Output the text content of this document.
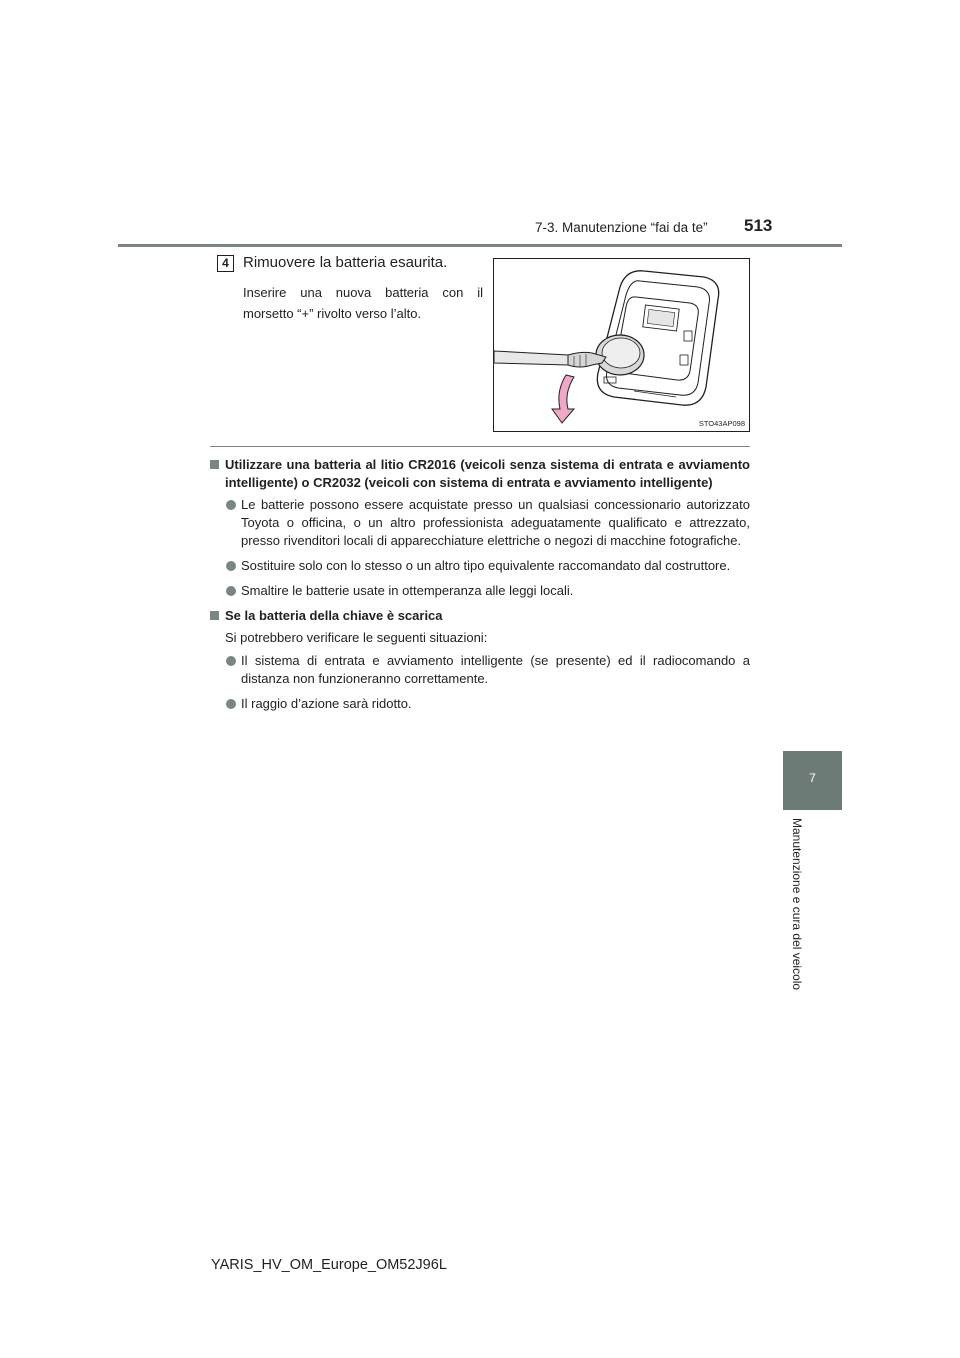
7-3. Manutenzione “fai da te” 513
7
Manutenzione e cura del veicolo
4 Rimuovere la batteria esaurita.
Inserire una nuova batteria con il morsetto “+” rivolto verso l’alto.
STO43AP098
Utilizzare una batteria al litio CR2016 (veicoli senza sistema di entrata e avviamento intelligente) o CR2032 (veicoli con sistema di entrata e avviamento intelligente)
Le batterie possono essere acquistate presso un qualsiasi concessionario autorizzato Toyota o officina, o un altro professionista adeguatamente qualificato e attrezzato, presso rivenditori locali di apparecchiature elettriche o negozi di macchine fotografiche.
Sostituire solo con lo stesso o un altro tipo equivalente raccomandato dal costruttore.
Smaltire le batterie usate in ottemperanza alle leggi locali.
Se la batteria della chiave è scarica
Si potrebbero verificare le seguenti situazioni:
Il sistema di entrata e avviamento intelligente (se presente) ed il radiocomando a distanza non funzioneranno correttamente.
Il raggio d’azione sarà ridotto.
YARIS_HV_OM_Europe_OM52J96L
